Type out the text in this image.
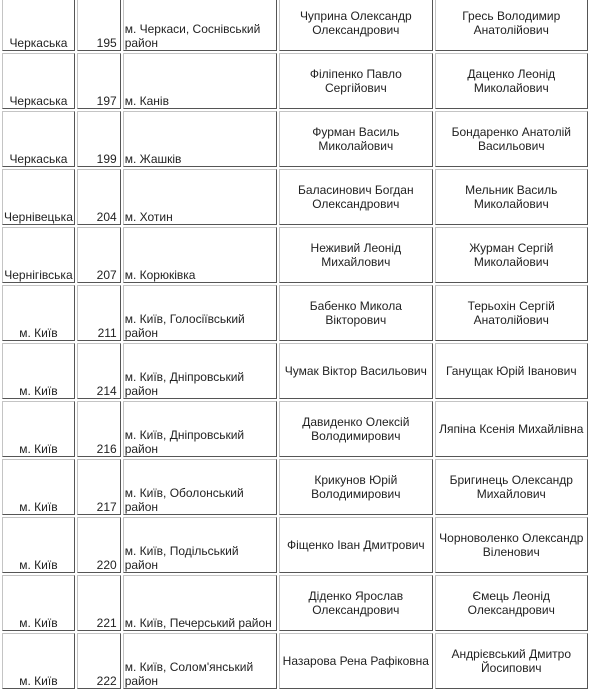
Черкаська	195	м. Черкаси, Соснівський район	Чуприна Олександр Олександрович	Гресь Володимир Анатолійович
Черкаська	197	м. Канів	Філіпенко Павло Сергійович	Даценко Леонід Миколайович
Черкаська	199	м. Жашків	Фурман Василь Миколайович	Бондаренко Анатолій Васильович
Чернівецька	204	м. Хотин	Баласинович Богдан Олександрович	Мельник Василь Миколайович
Чернігівська	207	м. Корюківка	Неживий Леонід Михайлович	Журман Сергій Миколайович
м. Київ	211	м. Київ, Голосіївський район	Бабенко Микола Вікторович	Терьохін Сергій Анатолійович
м. Київ	214	м. Київ, Дніпровський район	Чумак Віктор Васильович	Ганущак Юрій Іванович
м. Київ	216	м. Київ, Дніпровський район	Давиденко Олексій Володимирович	Ляпіна Ксенія Михайлівна
м. Київ	217	м. Київ, Оболонський район	Крикунов Юрій Володимирович	Бригинець Олександр Михайлович
м. Київ	220	м. Київ, Подільський район	Фіщенко Іван Дмитрович	Чорноволенко Олександр Віленович
м. Київ	221	м. Київ, Печерський район	Діденко Ярослав Олександрович	Ємець Леонід Олександрович
м. Київ	222	м. Київ, Солом'янський район	Назарова Рена Рафіковна	Андрієвський Дмитро Йосипович
